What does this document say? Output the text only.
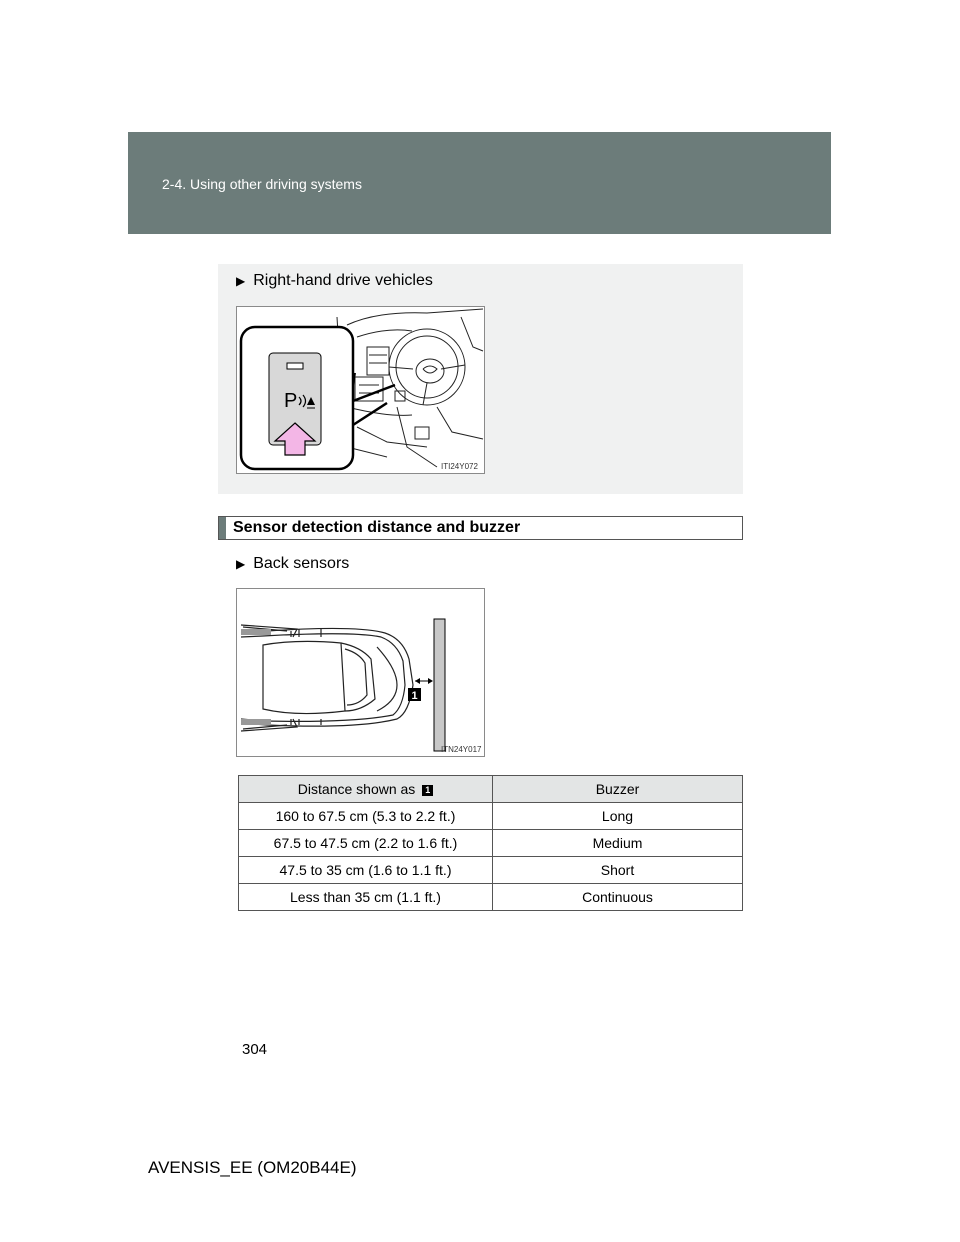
2-4. Using other driving systems
▶ Right-hand drive vehicles
P
ITI24Y072
Sensor detection distance and buzzer
▶ Back sensors
1
ITN24Y017
Distance shown as 1	Buzzer
160 to 67.5 cm (5.3 to 2.2 ft.)	Long
67.5 to 47.5 cm (2.2 to 1.6 ft.)	Medium
47.5 to 35 cm (1.6 to 1.1 ft.)	Short
Less than 35 cm (1.1 ft.)	Continuous
304
AVENSIS_EE (OM20B44E)
